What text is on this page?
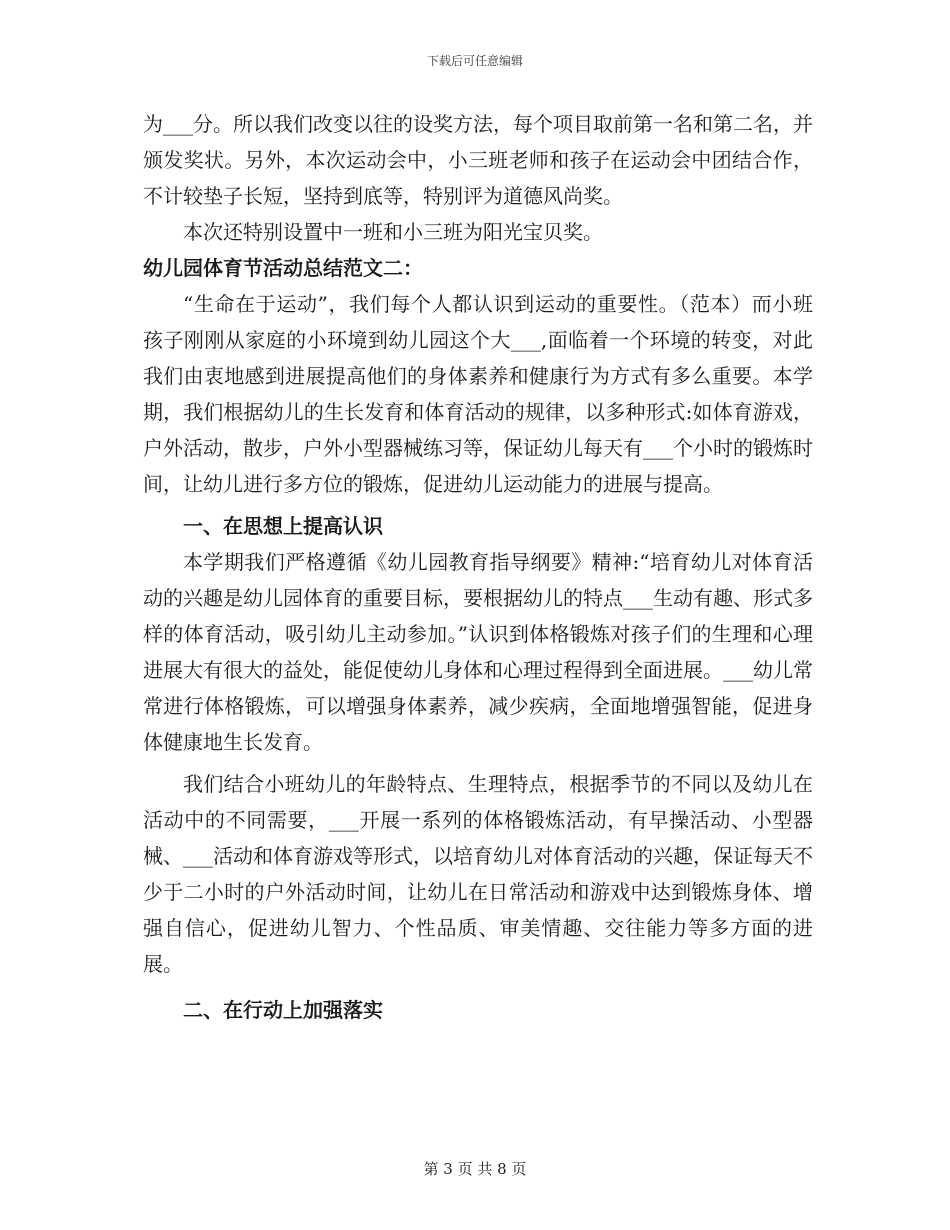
下载后可任意编辑

为___分。所以我们改变以往的设奖方法，每个项目取前第一名和第二名，并颁发奖状。另外，本次运动会中，小三班老师和孩子在运动会中团结合作，不计较垫子长短，坚持到底等，特别评为道德风尚奖。

本次还特别设置中一班和小三班为阳光宝贝奖。

幼儿园体育节活动总结范文二：

“生命在于运动”，我们每个人都认识到运动的重要性。（范本）而小班孩子刚刚从家庭的小环境到幼儿园这个大___,面临着一个环境的转变，对此我们由衷地感到进展提高他们的身体素养和健康行为方式有多么重要。本学期，我们根据幼儿的生长发育和体育活动的规律，以多种形式:如体育游戏，户外活动，散步，户外小型器械练习等，保证幼儿每天有___个小时的锻炼时间，让幼儿进行多方位的锻炼，促进幼儿运动能力的进展与提高。

一、在思想上提高认识

本学期我们严格遵循《幼儿园教育指导纲要》精神:“培育幼儿对体育活动的兴趣是幼儿园体育的重要目标，要根据幼儿的特点___生动有趣、形式多样的体育活动，吸引幼儿主动参加。”认识到体格锻炼对孩子们的生理和心理进展大有很大的益处，能促使幼儿身体和心理过程得到全面进展。___幼儿常常进行体格锻炼，可以增强身体素养，减少疾病，全面地增强智能，促进身体健康地生长发育。

我们结合小班幼儿的年龄特点、生理特点，根据季节的不同以及幼儿在活动中的不同需要，___开展一系列的体格锻炼活动，有早操活动、小型器械、___活动和体育游戏等形式，以培育幼儿对体育活动的兴趣，保证每天不少于二小时的户外活动时间，让幼儿在日常活动和游戏中达到锻炼身体、增强自信心，促进幼儿智力、个性品质、审美情趣、交往能力等多方面的进展。

二、在行动上加强落实

第 3 页 共 8 页
